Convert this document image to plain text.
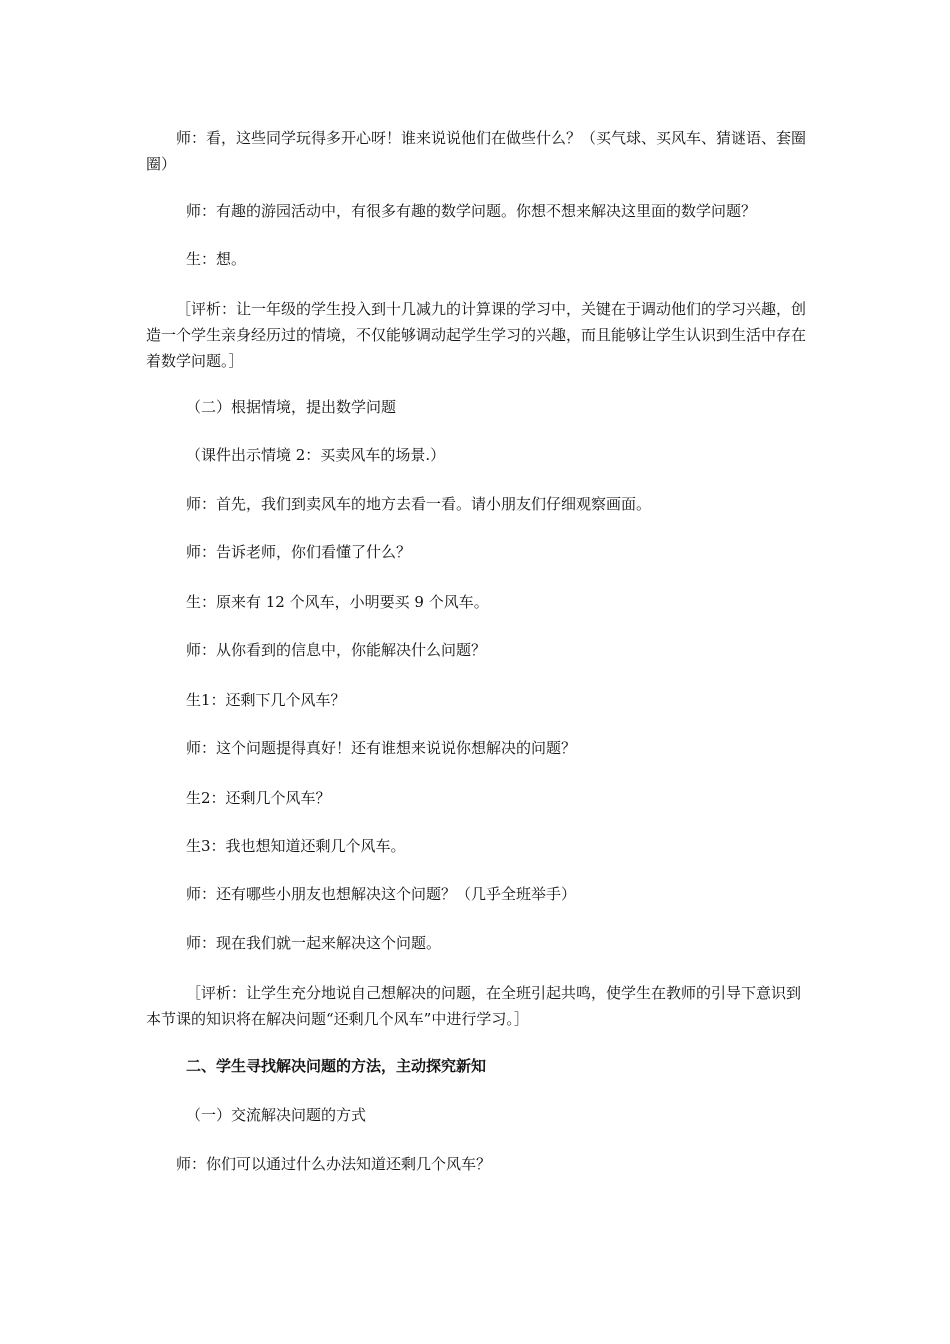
师：看，这些同学玩得多开心呀！谁来说说他们在做些什么？（买气球、买风车、猜谜语、套圈圈）

师：有趣的游园活动中，有很多有趣的数学问题。你想不想来解决这里面的数学问题？

生：想。

［评析：让一年级的学生投入到十几减九的计算课的学习中，关键在于调动他们的学习兴趣，创造一个学生亲身经历过的情境，不仅能够调动起学生学习的兴趣，而且能够让学生认识到生活中存在着数学问题。］

（二）根据情境，提出数学问题

（课件出示情境 2：买卖风车的场景.）

师：首先，我们到卖风车的地方去看一看。请小朋友们仔细观察画面。

师：告诉老师，你们看懂了什么？

生：原来有 12 个风车，小明要买 9 个风车。

师：从你看到的信息中，你能解决什么问题？

生1：还剩下几个风车？

师：这个问题提得真好！还有谁想来说说你想解决的问题？

生2：还剩几个风车？

生3：我也想知道还剩几个风车。

师：还有哪些小朋友也想解决这个问题？（几乎全班举手）

师：现在我们就一起来解决这个问题。

［评析：让学生充分地说自己想解决的问题，在全班引起共鸣，使学生在教师的引导下意识到本节课的知识将在解决问题“还剩几个风车”中进行学习。］

二、学生寻找解决问题的方法，主动探究新知

（一）交流解决问题的方式

师：你们可以通过什么办法知道还剩几个风车？
